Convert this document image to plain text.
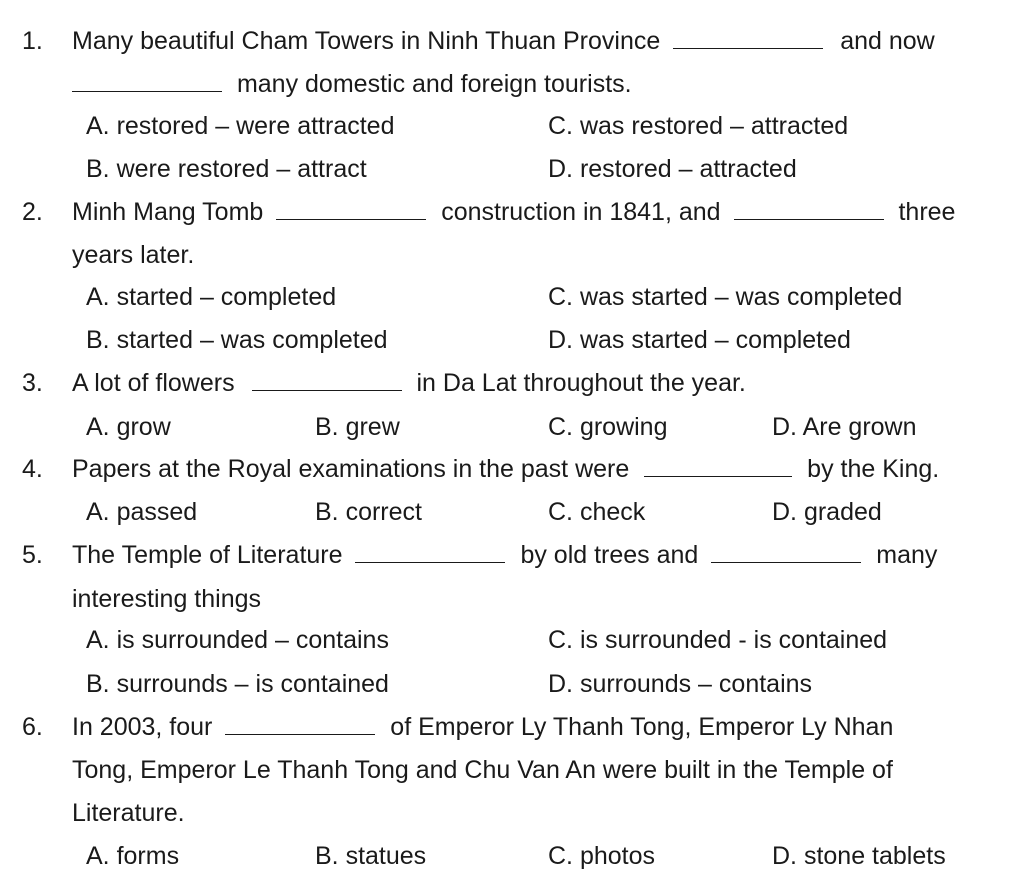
1. Many beautiful Cham Towers in Ninh Thuan Province	and now
many domestic and foreign tourists.
A. restored – were attracted	C. was restored – attracted
B. were restored – attract	D. restored – attracted
2. Minh Mang Tomb	construction in 1841, and	three
years later.
A. started – completed	C. was started – was completed
B. started – was completed	D. was started – completed
3. A lot of flowers	in Da Lat throughout the year.
A. grow	B. grew	C. growing	D. Are grown
4. Papers at the Royal examinations in the past were	by the King.
A. passed	B. correct	C. check	D. graded
5. The Temple of Literature	by old trees and	many
interesting things
A. is surrounded – contains	C. is surrounded - is contained
B. surrounds – is contained	D. surrounds – contains
6. In 2003, four	of Emperor Ly Thanh Tong, Emperor Ly Nhan
Tong, Emperor Le Thanh Tong and Chu Van An were built in the Temple of
Literature.
A. forms	B. statues	C. photos	D. stone tablets
